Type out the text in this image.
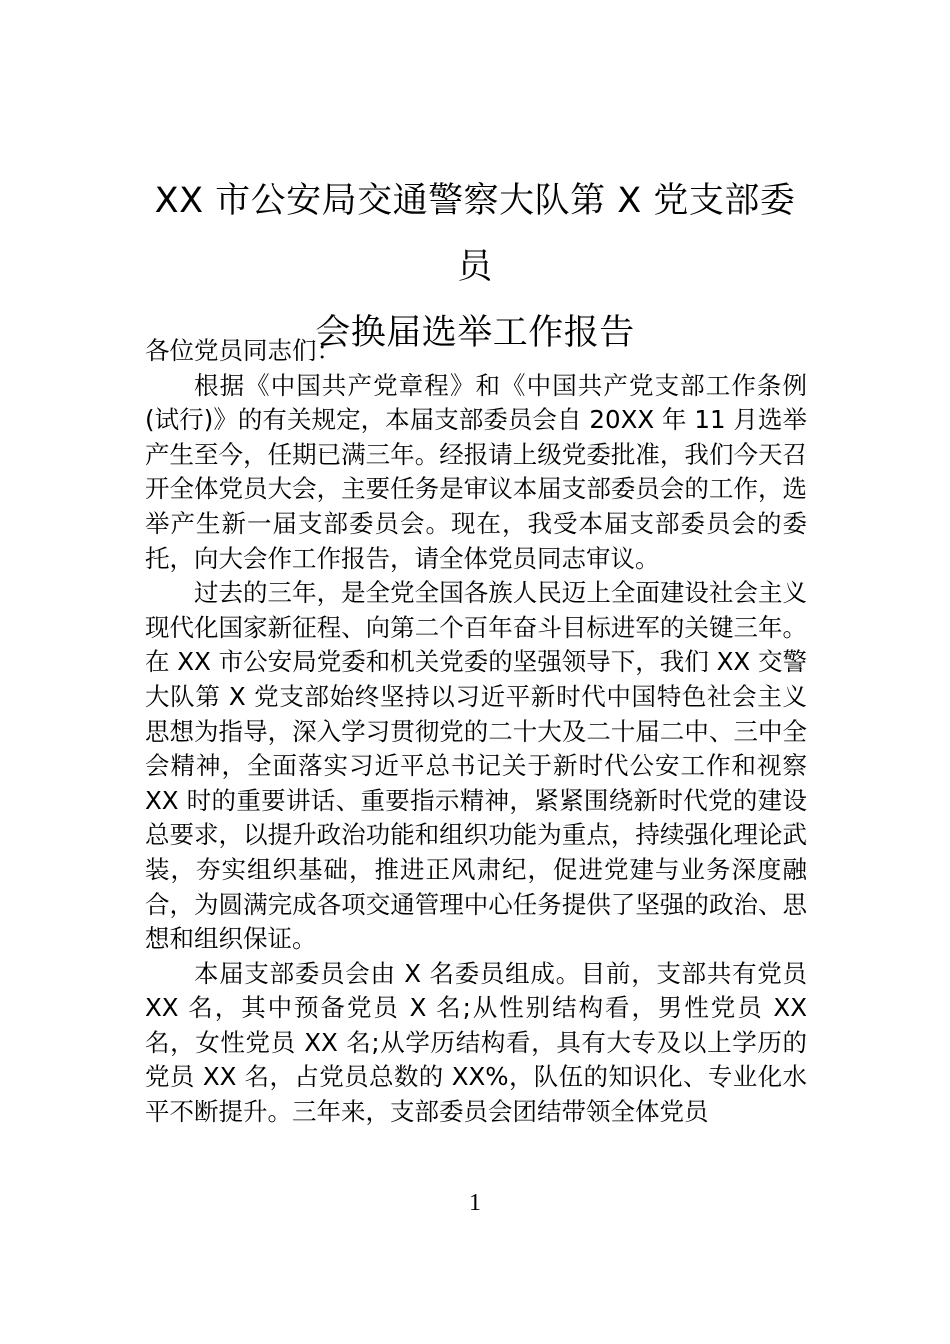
XX 市公安局交通警察大队第 X 党支部委员
会换届选举工作报告

各位党员同志们：

根据《中国共产党章程》和《中国共产党支部工作条例(试行)》的有关规定，本届支部委员会自 20XX 年 11 月选举产生至今，任期已满三年。经报请上级党委批准，我们今天召开全体党员大会，主要任务是审议本届支部委员会的工作，选举产生新一届支部委员会。现在，我受本届支部委员会的委托，向大会作工作报告，请全体党员同志审议。

过去的三年，是全党全国各族人民迈上全面建设社会主义现代化国家新征程、向第二个百年奋斗目标进军的关键三年。在 XX 市公安局党委和机关党委的坚强领导下，我们 XX 交警大队第 X 党支部始终坚持以习近平新时代中国特色社会主义思想为指导，深入学习贯彻党的二十大及二十届二中、三中全会精神，全面落实习近平总书记关于新时代公安工作和视察 XX 时的重要讲话、重要指示精神，紧紧围绕新时代党的建设总要求，以提升政治功能和组织功能为重点，持续强化理论武装，夯实组织基础，推进正风肃纪，促进党建与业务深度融合，为圆满完成各项交通管理中心任务提供了坚强的政治、思想和组织保证。

本届支部委员会由 X 名委员组成。目前，支部共有党员 XX 名，其中预备党员 X 名;从性别结构看，男性党员 XX 名，女性党员 XX 名;从学历结构看，具有大专及以上学历的党员 XX 名，占党员总数的 XX%，队伍的知识化、专业化水平不断提升。三年来，支部委员会团结带领全体党员

1
